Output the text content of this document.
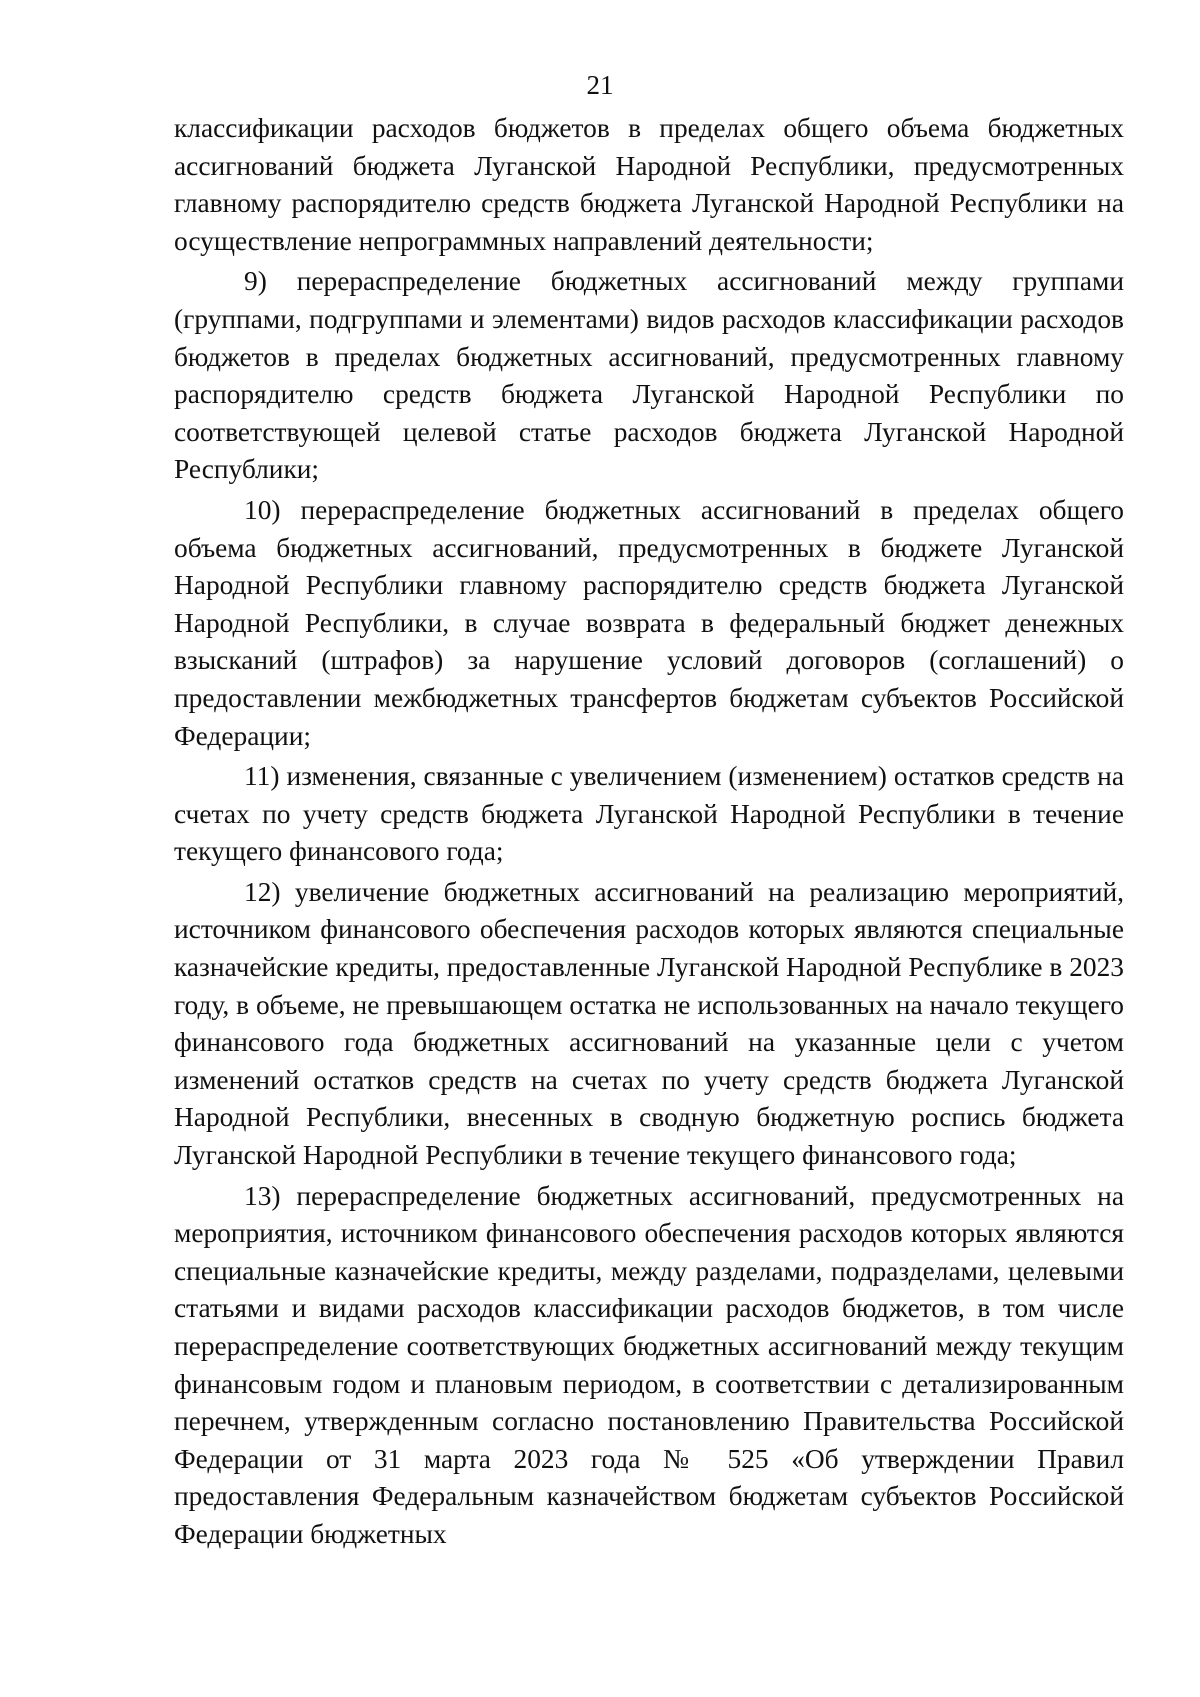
21

классификации расходов бюджетов в пределах общего объема бюджетных ассигнований бюджета Луганской Народной Республики, предусмотренных главному распорядителю средств бюджета Луганской Народной Республики на осуществление непрограммных направлений деятельности;

9) перераспределение бюджетных ассигнований между группами (группами, подгруппами и элементами) видов расходов классификации расходов бюджетов в пределах бюджетных ассигнований, предусмотренных главному распорядителю средств бюджета Луганской Народной Республики по соответствующей целевой статье расходов бюджета Луганской Народной Республики;

10) перераспределение бюджетных ассигнований в пределах общего объема бюджетных ассигнований, предусмотренных в бюджете Луганской Народной Республики главному распорядителю средств бюджета Луганской Народной Республики, в случае возврата в федеральный бюджет денежных взысканий (штрафов) за нарушение условий договоров (соглашений) о предоставлении межбюджетных трансфертов бюджетам субъектов Российской Федерации;

11) изменения, связанные с увеличением (изменением) остатков средств на счетах по учету средств бюджета Луганской Народной Республики в течение текущего финансового года;

12) увеличение бюджетных ассигнований на реализацию мероприятий, источником финансового обеспечения расходов которых являются специальные казначейские кредиты, предоставленные Луганской Народной Республике в 2023 году, в объеме, не превышающем остатка не использованных на начало текущего финансового года бюджетных ассигнований на указанные цели с учетом изменений остатков средств на счетах по учету средств бюджета Луганской Народной Республики, внесенных в сводную бюджетную роспись бюджета Луганской Народной Республики в течение текущего финансового года;

13) перераспределение бюджетных ассигнований, предусмотренных на мероприятия, источником финансового обеспечения расходов которых являются специальные казначейские кредиты, между разделами, подразделами, целевыми статьями и видами расходов классификации расходов бюджетов, в том числе перераспределение соответствующих бюджетных ассигнований между текущим финансовым годом и плановым периодом, в соответствии с детализированным перечнем, утвержденным согласно постановлению Правительства Российской Федерации от 31 марта 2023 года № 525 «Об утверждении Правил предоставления Федеральным казначейством бюджетам субъектов Российской Федерации бюджетных
